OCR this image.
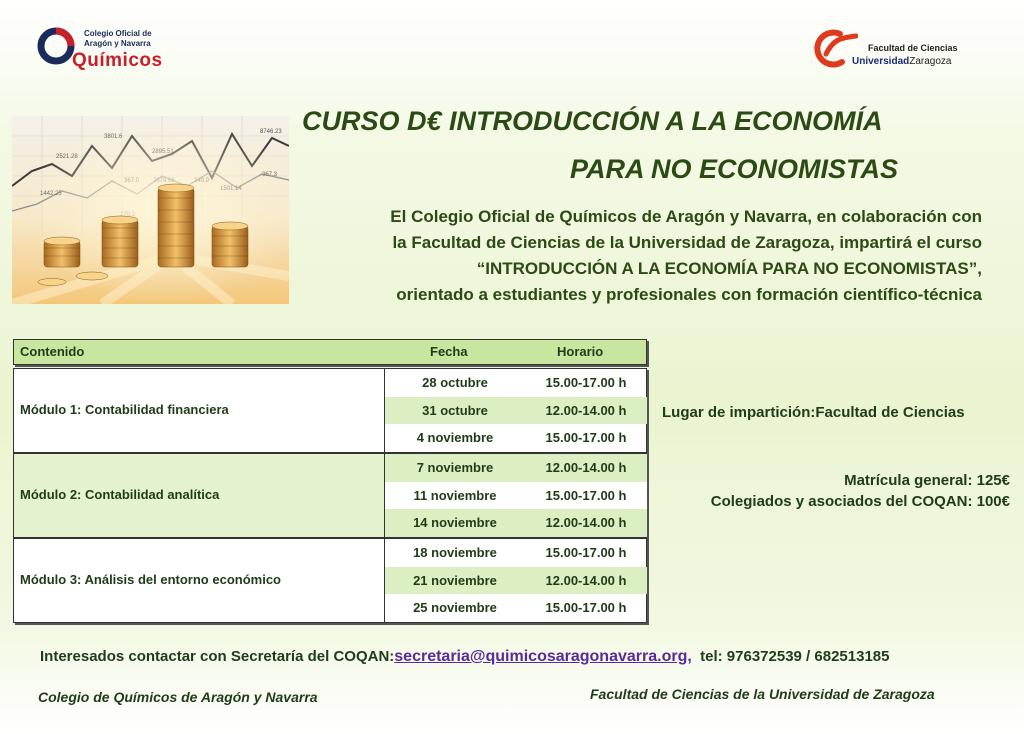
Colegio Oficial de
Aragón y Navarra
Químicos
Facultad de Ciencias
UniversidadZaragoza
CURSO D€ INTRODUCCIÓN A LA ECONOMÍA
PARA NO ECONOMISTAS
El Colegio Oficial de Químicos de Aragón y Navarra, en colaboración con
la Facultad de Ciencias de la Universidad de Zaragoza, impartirá el curso
“INTRODUCCIÓN A LA ECONOMÍA PARA NO ECONOMISTAS”,
orientado a estudiantes y profesionales con formación científico-técnica
Contenido	Fecha	Horario
Módulo 1: Contabilidad financiera
28 octubre	15.00-17.00 h
31 octubre	12.00-14.00 h
4 noviembre	15.00-17.00 h
Módulo 2: Contabilidad analítica
7 noviembre	12.00-14.00 h
11 noviembre	15.00-17.00 h
14 noviembre	12.00-14.00 h
Módulo 3: Análisis del entorno económico
18 noviembre	15.00-17.00 h
21 noviembre	12.00-14.00 h
25 noviembre	15.00-17.00 h
Lugar de impartición:Facultad de Ciencias
Matrícula general: 125€
Colegiados y asociados del COQAN: 100€
Interesados contactar con Secretaría del COQAN:secretaria@quimicosaragonavarra.org, tel: 976372539 / 682513185
Colegio de Químicos de Aragón y Navarra	Facultad de Ciencias de la Universidad de Zaragoza
